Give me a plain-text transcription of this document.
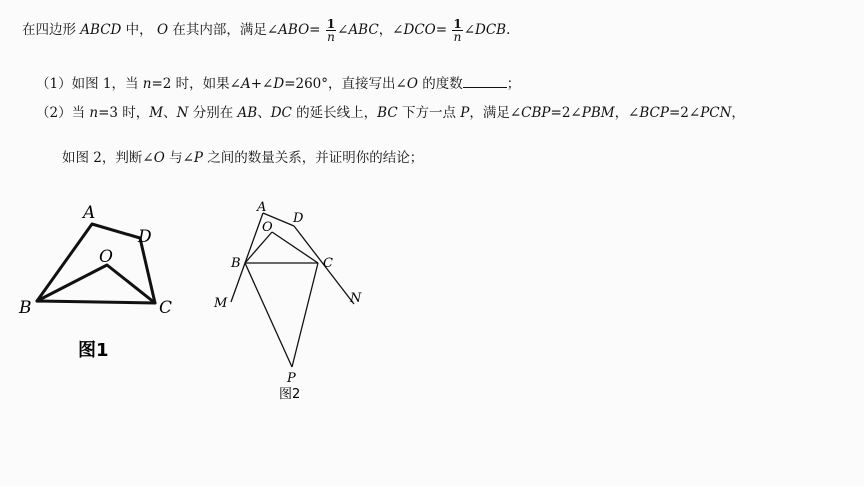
在四边形 ABCD 中， O 在其内部，满足∠ABO= $\frac{1}{n}$ ∠ABC，∠DCO= $\frac{1}{n}$ ∠DCB.
（1）如图 1，当 n=2 时，如果∠A+∠D=260°，直接写出∠O 的度数	；
（2）当 n=3 时，M、N 分别在 AB、DC 的延长线上，BC 下方一点 P，满足∠CBP=2∠PBM，∠BCP=2∠PCN，
如图 2，判断∠O 与∠P 之间的数量关系，并证明你的结论；
A
D
O
B	C
图1
A
D
O
B	C
M	N
P
图2
